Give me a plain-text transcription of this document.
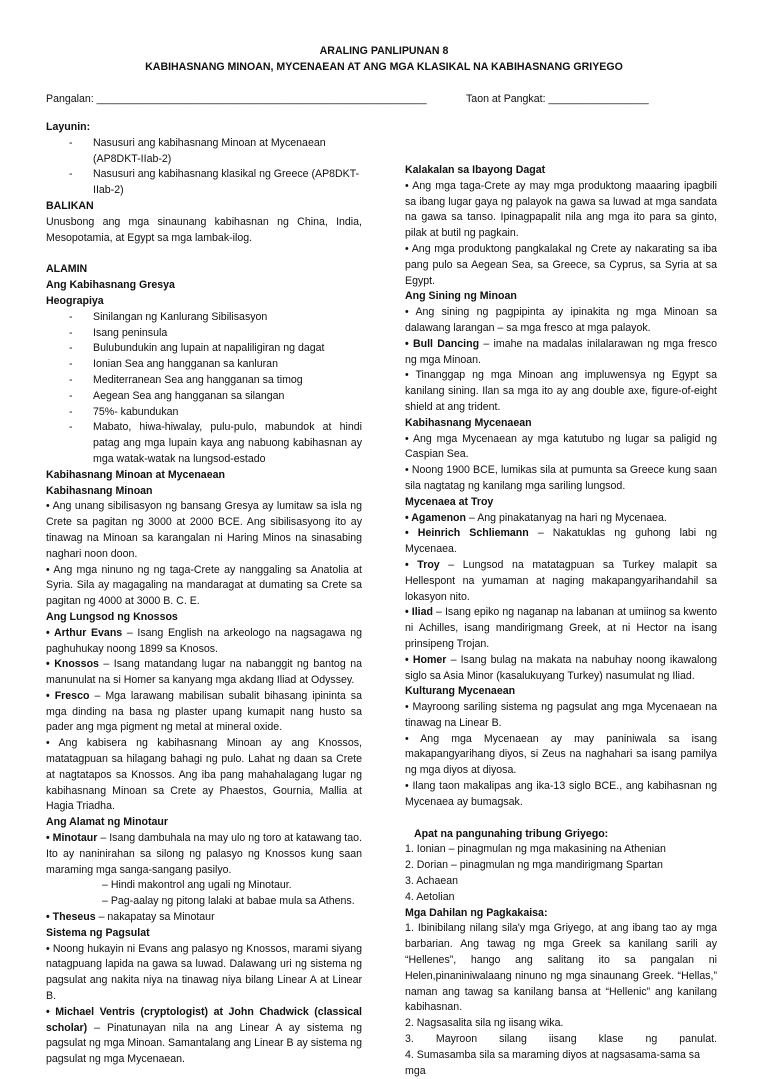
ARALING PANLIPUNAN 8
KABIHASNANG MINOAN, MYCENAEAN AT ANG MGA KLASIKAL NA KABIHASNANG GRIYEGO
Pangalan: ________________________________________________________	Taon at Pangkat: _________________
Layunin:
- Nasusuri ang kabihasnang Minoan at Mycenaean (AP8DKT-IIab-2)
- Nasusuri ang kabihasnang klasikal ng Greece (AP8DKT-IIab-2)
BALIKAN

Unusbong ang mga sinaunang kabihasnan ng China, India, Mesopotamia, at Egypt sa mga lambak-ilog.

ALAMIN
Ang Kabihasnang Gresya
Heograpiya
- Sinilangan ng Kanlurang Sibilisasyon
- Isang peninsula
- Bulubundukin ang lupain at napaliligiran ng dagat
- Ionian Sea ang hangganan sa kanluran
- Mediterranean Sea ang hangganan sa timog
- Aegean Sea ang hangganan sa silangan
- 75%- kabundukan
- Mabato, hiwa-hiwalay, pulu-pulo, mabundok at hindi patag ang mga lupain kaya ang nabuong kabihasnan ay mga watak-watak na lungsod-estado
Kabihasnang Minoan at Mycenaean
Kabihasnang Minoan

• Ang unang sibilisasyon ng bansang Gresya ay lumitaw sa isla ng Crete sa pagitan ng 3000 at 2000 BCE. Ang sibilisasyong ito ay tinawag na Minoan sa karangalan ni Haring Minos na sinasabing naghari noon doon.

• Ang mga ninuno ng ng taga-Crete ay nanggaling sa Anatolia at Syria. Sila ay magagaling na mandaragat at dumating sa Crete sa pagitan ng 4000 at 3000 B. C. E.

Ang Lungsod ng Knossos

• Arthur Evans – Isang English na arkeologo na nagsagawa ng paghuhukay noong 1899 sa Knosos.

• Knossos – Isang matandang lugar na nabanggit ng bantog na manunulat na si Homer sa kanyang mga akdang Iliad at Odyssey.

• Fresco – Mga larawang mabilisan subalit bihasang ipininta sa mga dinding na basa ng plaster upang kumapit nang husto sa pader ang mga pigment ng metal at mineral oxide.

• Ang kabisera ng kabihasnang Minoan ay ang Knossos, matatagpuan sa hilagang bahagi ng pulo. Lahat ng daan sa Crete at nagtatapos sa Knossos. Ang iba pang mahahalagang lugar ng kabihasnang Minoan sa Crete ay Phaestos, Gournia, Mallia at Hagia Triadha.

Ang Alamat ng Minotaur

• Minotaur – Isang dambuhala na may ulo ng toro at katawang tao. Ito ay naninirahan sa silong ng palasyo ng Knossos kung saan maraming mga sanga-sangang pasilyo.

– Hindi makontrol ang ugali ng Minotaur.
– Pag-aalay ng pitong lalaki at babae mula sa Athens.

• Theseus – nakapatay sa Minotaur

Sistema ng Pagsulat

• Noong hukayin ni Evans ang palasyo ng Knossos, marami siyang natagpuang lapida na gawa sa luwad. Dalawang uri ng sistema ng pagsulat ang nakita niya na tinawag niya bilang Linear A at Linear B.

• Michael Ventris (cryptologist) at John Chadwick (classical scholar) – Pinatunayan nila na ang Linear A ay sistema ng pagsulat ng mga Minoan. Samantalang ang Linear B ay sistema ng pagsulat ng mga Mycenaean.

Kalakalan sa Ibayong Dagat

• Ang mga taga-Crete ay may mga produktong maaaring ipagbili sa ibang lugar gaya ng palayok na gawa sa luwad at mga sandata na gawa sa tanso. Ipinagpapalit nila ang mga ito para sa ginto, pilak at butil ng pagkain.

• Ang mga produktong pangkalakal ng Crete ay nakarating sa iba pang pulo sa Aegean Sea, sa Greece, sa Cyprus, sa Syria at sa Egypt.

Ang Sining ng Minoan

• Ang sining ng pagpipinta ay ipinakita ng mga Minoan sa dalawang larangan – sa mga fresco at mga palayok.

• Bull Dancing – imahe na madalas inilalarawan ng mga fresco ng mga Minoan.

• Tinanggap ng mga Minoan ang impluwensya ng Egypt sa kanilang sining. Ilan sa mga ito ay ang double axe, figure-of-eight shield at ang trident.

Kabihasnang Mycenaean

• Ang mga Mycenaean ay mga katutubo ng lugar sa paligid ng Caspian Sea.

• Noong 1900 BCE, lumikas sila at pumunta sa Greece kung saan sila nagtatag ng kanilang mga sariling lungsod.

Mycenaea at Troy

• Agamenon – Ang pinakatanyag na hari ng Mycenaea.

• Heinrich Schliemann – Nakatuklas ng guhong labi ng Mycenaea.

• Troy – Lungsod na matatagpuan sa Turkey malapit sa Hellespont na yumaman at naging makapangyarihandahil sa lokasyon nito.

• Iliad – Isang epiko ng naganap na labanan at umiinog sa kwento ni Achilles, isang mandirigmang Greek, at ni Hector na isang prinsipeng Trojan.

• Homer – Isang bulag na makata na nabuhay noong ikawalong siglo sa Asia Minor (kasalukuyang Turkey) nasumulat ng Iliad.

Kulturang Mycenaean

• Mayroong sariling sistema ng pagsulat ang mga Mycenaean na tinawag na Linear B.

• Ang mga Mycenaean ay may paniniwala sa isang makapangyarihang diyos, si Zeus na naghahari sa isang pamilya ng mga diyos at diyosa.

• Ilang taon makalipas ang ika-13 siglo BCE., ang kabihasnan ng Mycenaea ay bumagsak.

Apat na pangunahing tribung Griyego:
1. Ionian – pinagmulan ng mga makasining na Athenian
2. Dorian – pinagmulan ng mga mandirigmang Spartan
3. Achaean
4. Aetolian
Mga Dahilan ng Pagkakaisa:
1. Ibinibilang nilang sila'y mga Griyego, at ang ibang tao ay mga barbarian. Ang tawag ng mga Greek sa kanilang sarili ay “Hellenes”, hango ang salitang ito sa pangalan ni Helen,pinaniniwalaang ninuno ng mga sinaunang Greek. “Hellas,” naman ang tawag sa kanilang bansa at “Hellenic” ang kanilang kabihasnan.
2. Nagsasalita sila ng iisang wika.
3. Mayroon silang iisang klase ng panulat.
4. Sumasamba sila sa maraming diyos at nagsasama-sama sa mga
